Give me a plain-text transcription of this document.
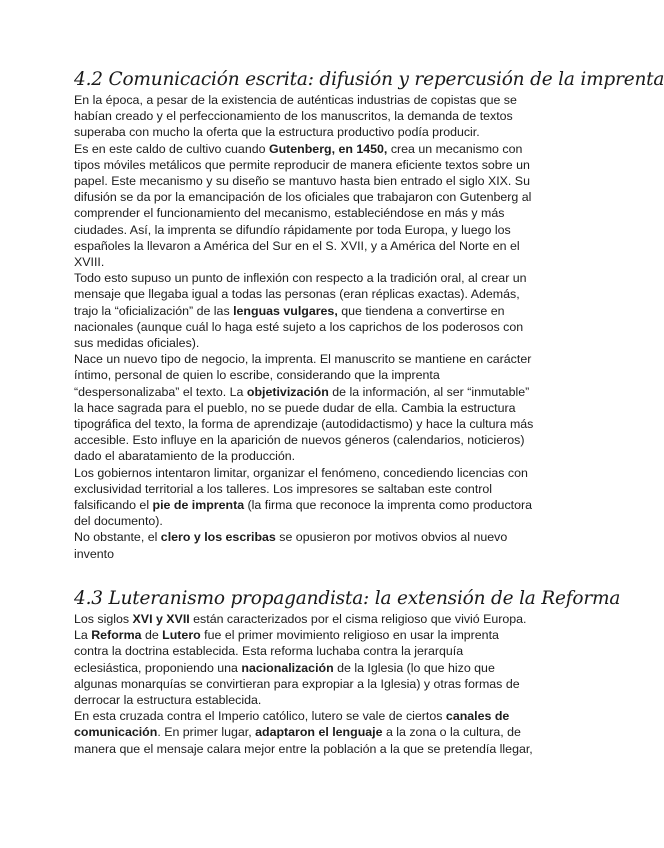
4.2 Comunicación escrita: difusión y repercusión de la imprenta

En la época, a pesar de la existencia de auténticas industrias de copistas que se habían creado y el perfeccionamiento de los manuscritos, la demanda de textos superaba con mucho la oferta que la estructura productivo podía producir.

Es en este caldo de cultivo cuando Gutenberg, en 1450, crea un mecanismo con tipos móviles metálicos que permite reproducir de manera eficiente textos sobre un papel. Este mecanismo y su diseño se mantuvo hasta bien entrado el siglo XIX. Su difusión se da por la emancipación de los oficiales que trabajaron con Gutenberg al comprender el funcionamiento del mecanismo, estableciéndose en más y más ciudades. Así, la imprenta se difundío rápidamente por toda Europa, y luego los españoles la llevaron a América del Sur en el S. XVII, y a América del Norte en el XVIII.

Todo esto supuso un punto de inflexión con respecto a la tradición oral, al crear un mensaje que llegaba igual a todas las personas (eran réplicas exactas). Además, trajo la “oficialización” de las lenguas vulgares, que tiendena a convertirse en nacionales (aunque cuál lo haga esté sujeto a los caprichos de los poderosos con sus medidas oficiales).

Nace un nuevo tipo de negocio, la imprenta. El manuscrito se mantiene en carácter íntimo, personal de quien lo escribe, considerando que la imprenta “despersonalizaba” el texto. La objetivización de la información, al ser “inmutable” la hace sagrada para el pueblo, no se puede dudar de ella. Cambia la estructura tipográfica del texto, la forma de aprendizaje (autodidactismo) y hace la cultura más accesible. Esto influye en la aparición de nuevos géneros (calendarios, noticieros) dado el abaratamiento de la producción.

Los gobiernos intentaron limitar, organizar el fenómeno, concediendo licencias con exclusividad territorial a los talleres. Los impresores se saltaban este control falsificando el pie de imprenta (la firma que reconoce la imprenta como productora del documento).

No obstante, el clero y los escribas se opusieron por motivos obvios al nuevo invento

4.3 Luteranismo propagandista: la extensión de la Reforma

Los siglos XVI y XVII están caracterizados por el cisma religioso que vivió Europa.

La Reforma de Lutero fue el primer movimiento religioso en usar la imprenta contra la doctrina establecida. Esta reforma luchaba contra la jerarquía eclesiástica, proponiendo una nacionalización de la Iglesia (lo que hizo que algunas monarquías se convirtieran para expropiar a la Iglesia) y otras formas de derrocar la estructura establecida.

En esta cruzada contra el Imperio católico, lutero se vale de ciertos canales de comunicación. En primer lugar, adaptaron el lenguaje a la zona o la cultura, de manera que el mensaje calara mejor entre la población a la que se pretendía llegar,
